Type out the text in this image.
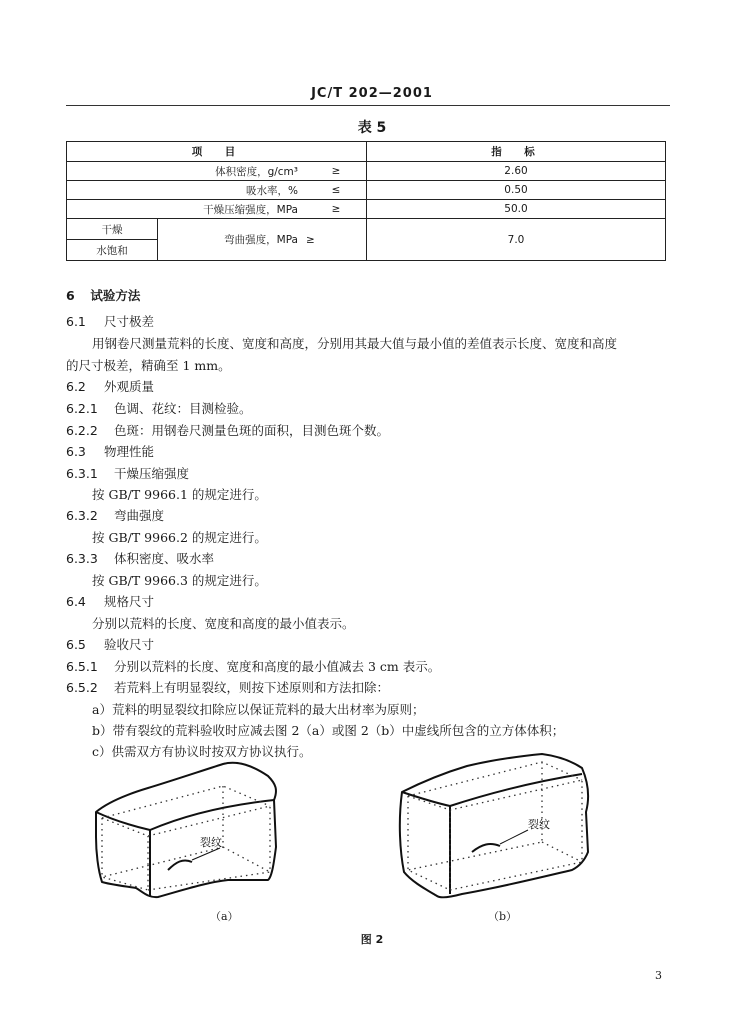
JC/T 202—2001
表 5
项　目			指　标
体积密度，g/cm³		≥	2.60
吸水率，%		≤	0.50
干燥压缩强度，MPa		≥	50.0
干燥	弯曲强度，MPa	≥	7.0
水饱和			
6 试验方法
6.1 尺寸极差
用钢卷尺测量荒料的长度、宽度和高度，分别用其最大值与最小值的差值表示长度、宽度和高度
的尺寸极差，精确至 1 mm。
6.2 外观质量
6.2.1 色调、花纹：目测检验。
6.2.2 色斑：用钢卷尺测量色斑的面积，目测色斑个数。
6.3 物理性能
6.3.1 干燥压缩强度
按 GB/T 9966.1 的规定进行。
6.3.2 弯曲强度
按 GB/T 9966.2 的规定进行。
6.3.3 体积密度、吸水率
按 GB/T 9966.3 的规定进行。
6.4 规格尺寸
分别以荒料的长度、宽度和高度的最小值表示。
6.5 验收尺寸
6.5.1 分别以荒料的长度、宽度和高度的最小值减去 3 cm 表示。
6.5.2 若荒料上有明显裂纹，则按下述原则和方法扣除：
a）荒料的明显裂纹扣除应以保证荒料的最大出材率为原则；
b）带有裂纹的荒料验收时应减去图 2（a）或图 2（b）中虚线所包含的立方体体积；
c）供需双方有协议时按双方协议执行。
裂纹
裂纹
（a）	（b）
图 2
3
